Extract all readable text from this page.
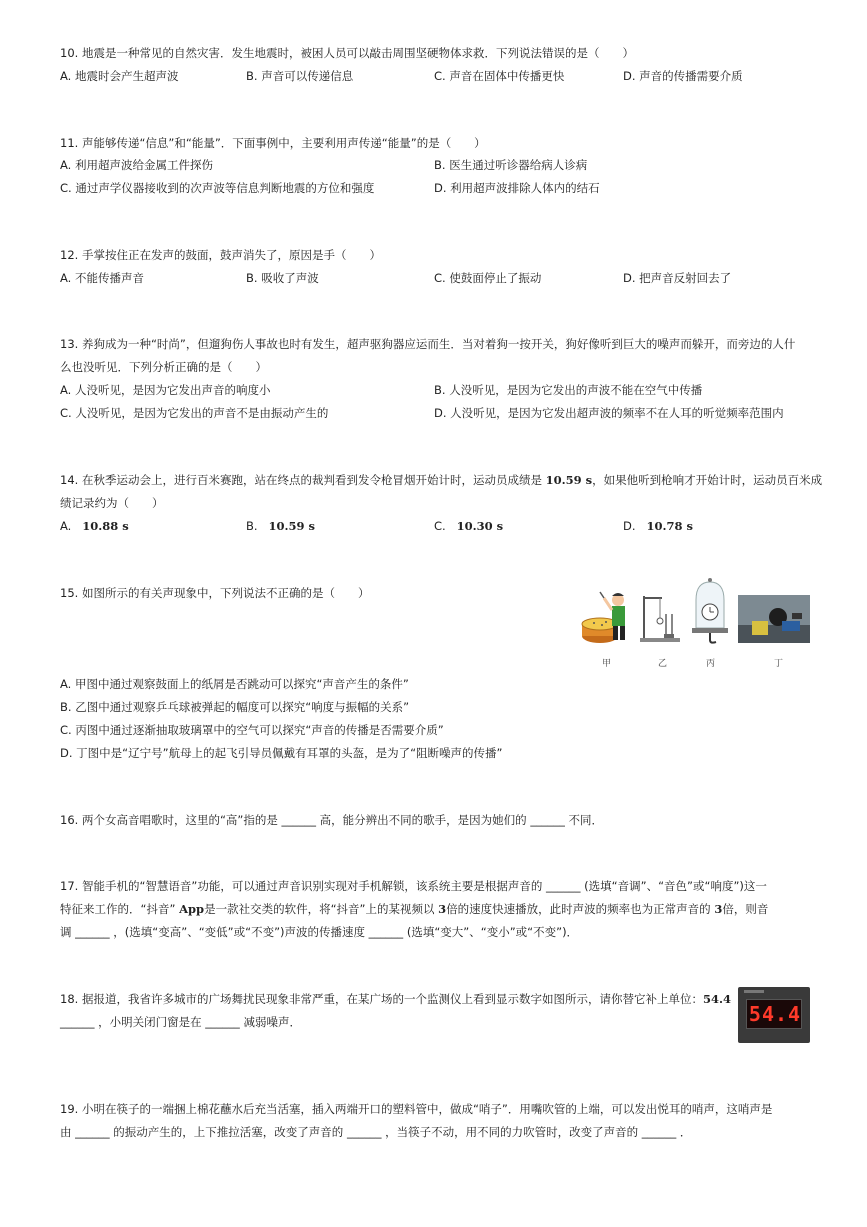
10. 地震是一种常见的自然灾害．发生地震时，被困人员可以敲击周围坚硬物体求救．下列说法错误的是（　　）
A. 地震时会产生超声波	B. 声音可以传递信息	C. 声音在固体中传播更快	D. 声音的传播需要介质
11. 声能够传递“信息”和“能量”．下面事例中，主要利用声传递“能量”的是（　　）
A. 利用超声波给金属工件探伤	B. 医生通过听诊器给病人诊病
C. 通过声学仪器接收到的次声波等信息判断地震的方位和强度	D. 利用超声波排除人体内的结石
12. 手掌按住正在发声的鼓面，鼓声消失了，原因是手（　　）
A. 不能传播声音	B. 吸收了声波	C. 使鼓面停止了振动	D. 把声音反射回去了
13. 养狗成为一种“时尚”，但遛狗伤人事故也时有发生，超声驱狗器应运而生．当对着狗一按开关，狗好像听到巨大的噪声而躲开，而旁边的人什
么也没听见．下列分析正确的是（　　）
A. 人没听见，是因为它发出声音的响度小	B. 人没听见，是因为它发出的声波不能在空气中传播
C. 人没听见，是因为它发出的声音不是由振动产生的	D. 人没听见，是因为它发出超声波的频率不在人耳的听觉频率范围内
14. 在秋季运动会上，进行百米赛跑，站在终点的裁判看到发令枪冒烟开始计时，运动员成绩是 10.59 s，如果他听到枪响才开始计时，运动员百米成
绩记录约为（　　）
A. 10.88 s	B. 10.59 s	C. 10.30 s	D. 10.78 s
15. 如图所示的有关声现象中，下列说法不正确的是（　　）
甲	乙	丙	丁
A. 甲图中通过观察鼓面上的纸屑是否跳动可以探究“声音产生的条件”
B. 乙图中通过观察乒乓球被弹起的幅度可以探究“响度与振幅的关系”
C. 丙图中通过逐渐抽取玻璃罩中的空气可以探究“声音的传播是否需要介质”
D. 丁图中是“辽宁号”航母上的起飞引导员佩戴有耳罩的头盔，是为了“阻断噪声的传播”
16. 两个女高音唱歌时，这里的“高”指的是 ______ 高，能分辨出不同的歌手，是因为她们的 ______ 不同．
17. 智能手机的“智慧语音”功能，可以通过声音识别实现对手机解锁，该系统主要是根据声音的 ______ (选填“音调”、“音色”或“响度”)这一
特征来工作的．“抖音” App是一款社交类的软件，将“抖音”上的某视频以 3倍的速度快速播放，此时声波的频率也为正常声音的 3倍，则音
调 ______ ，(选填“变高”、“变低”或“不变”)声波的传播速度 ______ (选填“变大”、“变小”或“不变”)．
18. 据报道，我省许多城市的广场舞扰民现象非常严重，在某广场的一个监测仪上看到显示数字如图所示，请你替它补上单位：54.4
______ ，小明关闭门窗是在 ______ 减弱噪声．	54.4
19. 小明在筷子的一端捆上棉花蘸水后充当活塞，插入两端开口的塑料管中，做成“哨子”．用嘴吹管的上端，可以发出悦耳的哨声，这哨声是
由 ______ 的振动产生的，上下推拉活塞，改变了声音的 ______ ，当筷子不动，用不同的力吹管时，改变了声音的 ______ ．
